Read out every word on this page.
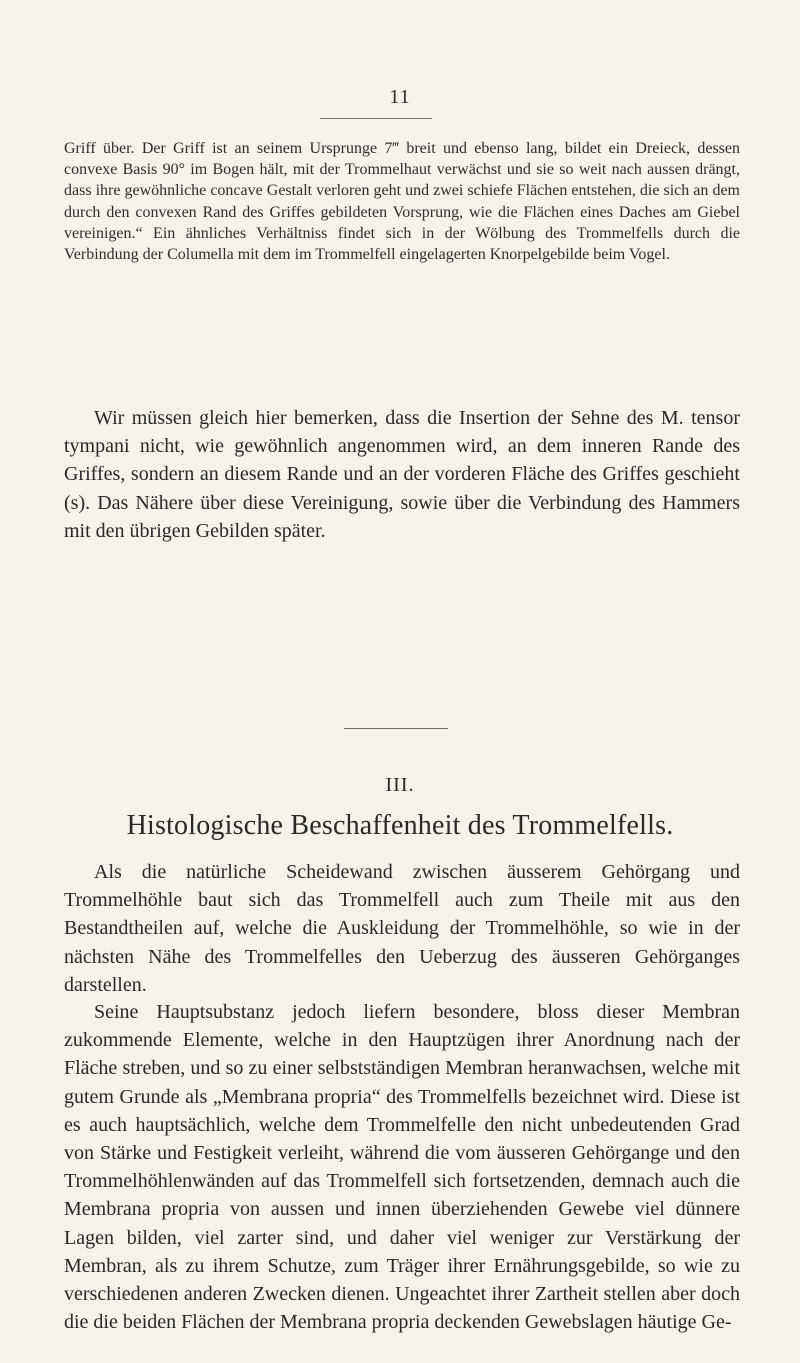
11

Griff über. Der Griff ist an seinem Ursprunge 7‴ breit und ebenso lang, bildet ein Dreieck, dessen convexe Basis 90° im Bogen hält, mit der Trommelhaut verwächst und sie so weit nach aussen drängt, dass ihre gewöhnliche concave Gestalt verloren geht und zwei schiefe Flächen entstehen, die sich an dem durch den convexen Rand des Griffes gebildeten Vorsprung, wie die Flächen eines Daches am Giebel vereinigen.“ Ein ähnliches Verhältniss findet sich in der Wölbung des Trommelfells durch die Verbindung der Columella mit dem im Trommelfell eingelagerten Knorpelgebilde beim Vogel.

Wir müssen gleich hier bemerken, dass die Insertion der Sehne des M. tensor tympani nicht, wie gewöhnlich angenommen wird, an dem inneren Rande des Griffes, sondern an diesem Rande und an der vorderen Fläche des Griffes geschieht (s). Das Nähere über diese Vereinigung, sowie über die Verbindung des Hammers mit den übrigen Gebilden später.

III.
Histologische Beschaffenheit des Trommelfells.

Als die natürliche Scheidewand zwischen äusserem Gehörgang und Trommelhöhle baut sich das Trommelfell auch zum Theile mit aus den Bestandtheilen auf, welche die Auskleidung der Trommelhöhle, so wie in der nächsten Nähe des Trommelfelles den Ueberzug des äusseren Gehörganges darstellen.

Seine Hauptsubstanz jedoch liefern besondere, bloss dieser Membran zukommende Elemente, welche in den Hauptzügen ihrer Anordnung nach der Fläche streben, und so zu einer selbstständigen Membran heranwachsen, welche mit gutem Grunde als „Membrana propria“ des Trommelfells bezeichnet wird. Diese ist es auch hauptsächlich, welche dem Trommelfelle den nicht unbedeutenden Grad von Stärke und Festigkeit verleiht, während die vom äusseren Gehörgange und den Trommelhöhlenwänden auf das Trommelfell sich fortsetzenden, demnach auch die Membrana propria von aussen und innen überziehenden Gewebe viel dünnere Lagen bilden, viel zarter sind, und daher viel weniger zur Verstärkung der Membran, als zu ihrem Schutze, zum Träger ihrer Ernährungsgebilde, so wie zu verschiedenen anderen Zwecken dienen. Ungeachtet ihrer Zartheit stellen aber doch die die beiden Flächen der Membrana propria deckenden Gewebslagen häutige Ge-
